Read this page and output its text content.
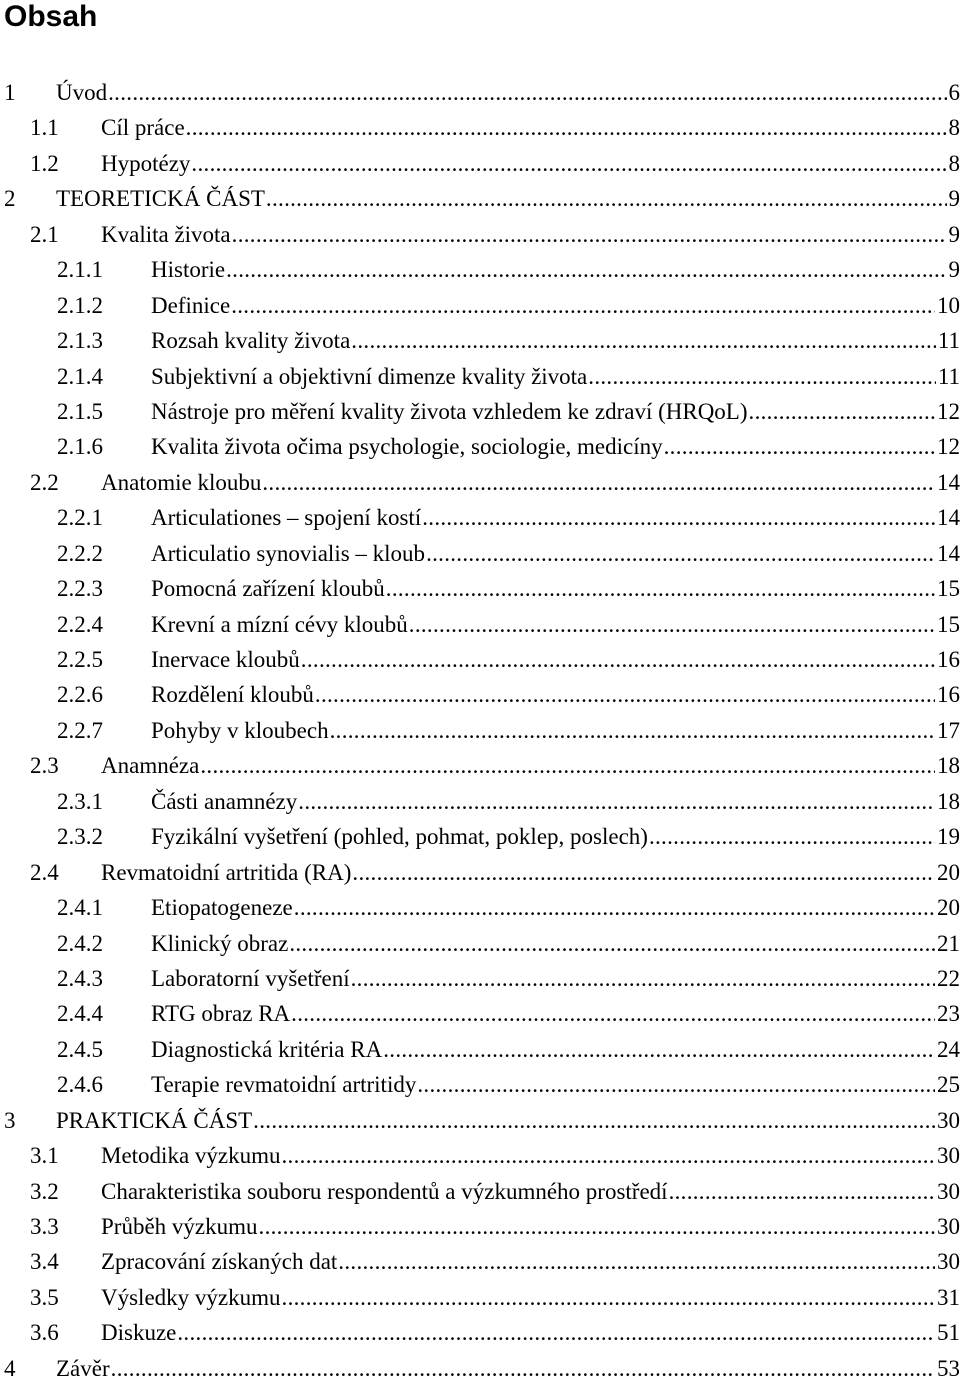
Obsah
1 Úvod .....	6
1.1 Cíl práce .....	8
1.2 Hypotézy .....	8
2 TEORETICKÁ ČÁST .....	9
2.1 Kvalita života .....	9
2.1.1 Historie .....	9
2.1.2 Definice .....	10
2.1.3 Rozsah kvality života .....	11
2.1.4 Subjektivní a objektivní dimenze kvality života .....	11
2.1.5 Nástroje pro měření kvality života vzhledem ke zdraví (HRQoL) .....	12
2.1.6 Kvalita života očima psychologie, sociologie, medicíny .....	12
2.2 Anatomie kloubu .....	14
2.2.1 Articulationes – spojení kostí .....	14
2.2.2 Articulatio synovialis – kloub .....	14
2.2.3 Pomocná zařízení kloubů .....	15
2.2.4 Krevní a mízní cévy kloubů .....	15
2.2.5 Inervace kloubů .....	16
2.2.6 Rozdělení kloubů .....	16
2.2.7 Pohyby v kloubech .....	17
2.3 Anamnéza .....	18
2.3.1 Části anamnézy .....	18
2.3.2 Fyzikální vyšetření (pohled, pohmat, poklep, poslech) .....	19
2.4 Revmatoidní artritida (RA) .....	20
2.4.1 Etiopatogeneze .....	20
2.4.2 Klinický obraz .....	21
2.4.3 Laboratorní vyšetření .....	22
2.4.4 RTG obraz RA .....	23
2.4.5 Diagnostická kritéria RA .....	24
2.4.6 Terapie revmatoidní artritidy .....	25
3 PRAKTICKÁ ČÁST .....	30
3.1 Metodika výzkumu .....	30
3.2 Charakteristika souboru respondentů a výzkumného prostředí .....	30
3.3 Průběh výzkumu .....	30
3.4 Zpracování získaných dat .....	30
3.5 Výsledky výzkumu .....	31
3.6 Diskuze .....	51
4 Závěr .....	53
